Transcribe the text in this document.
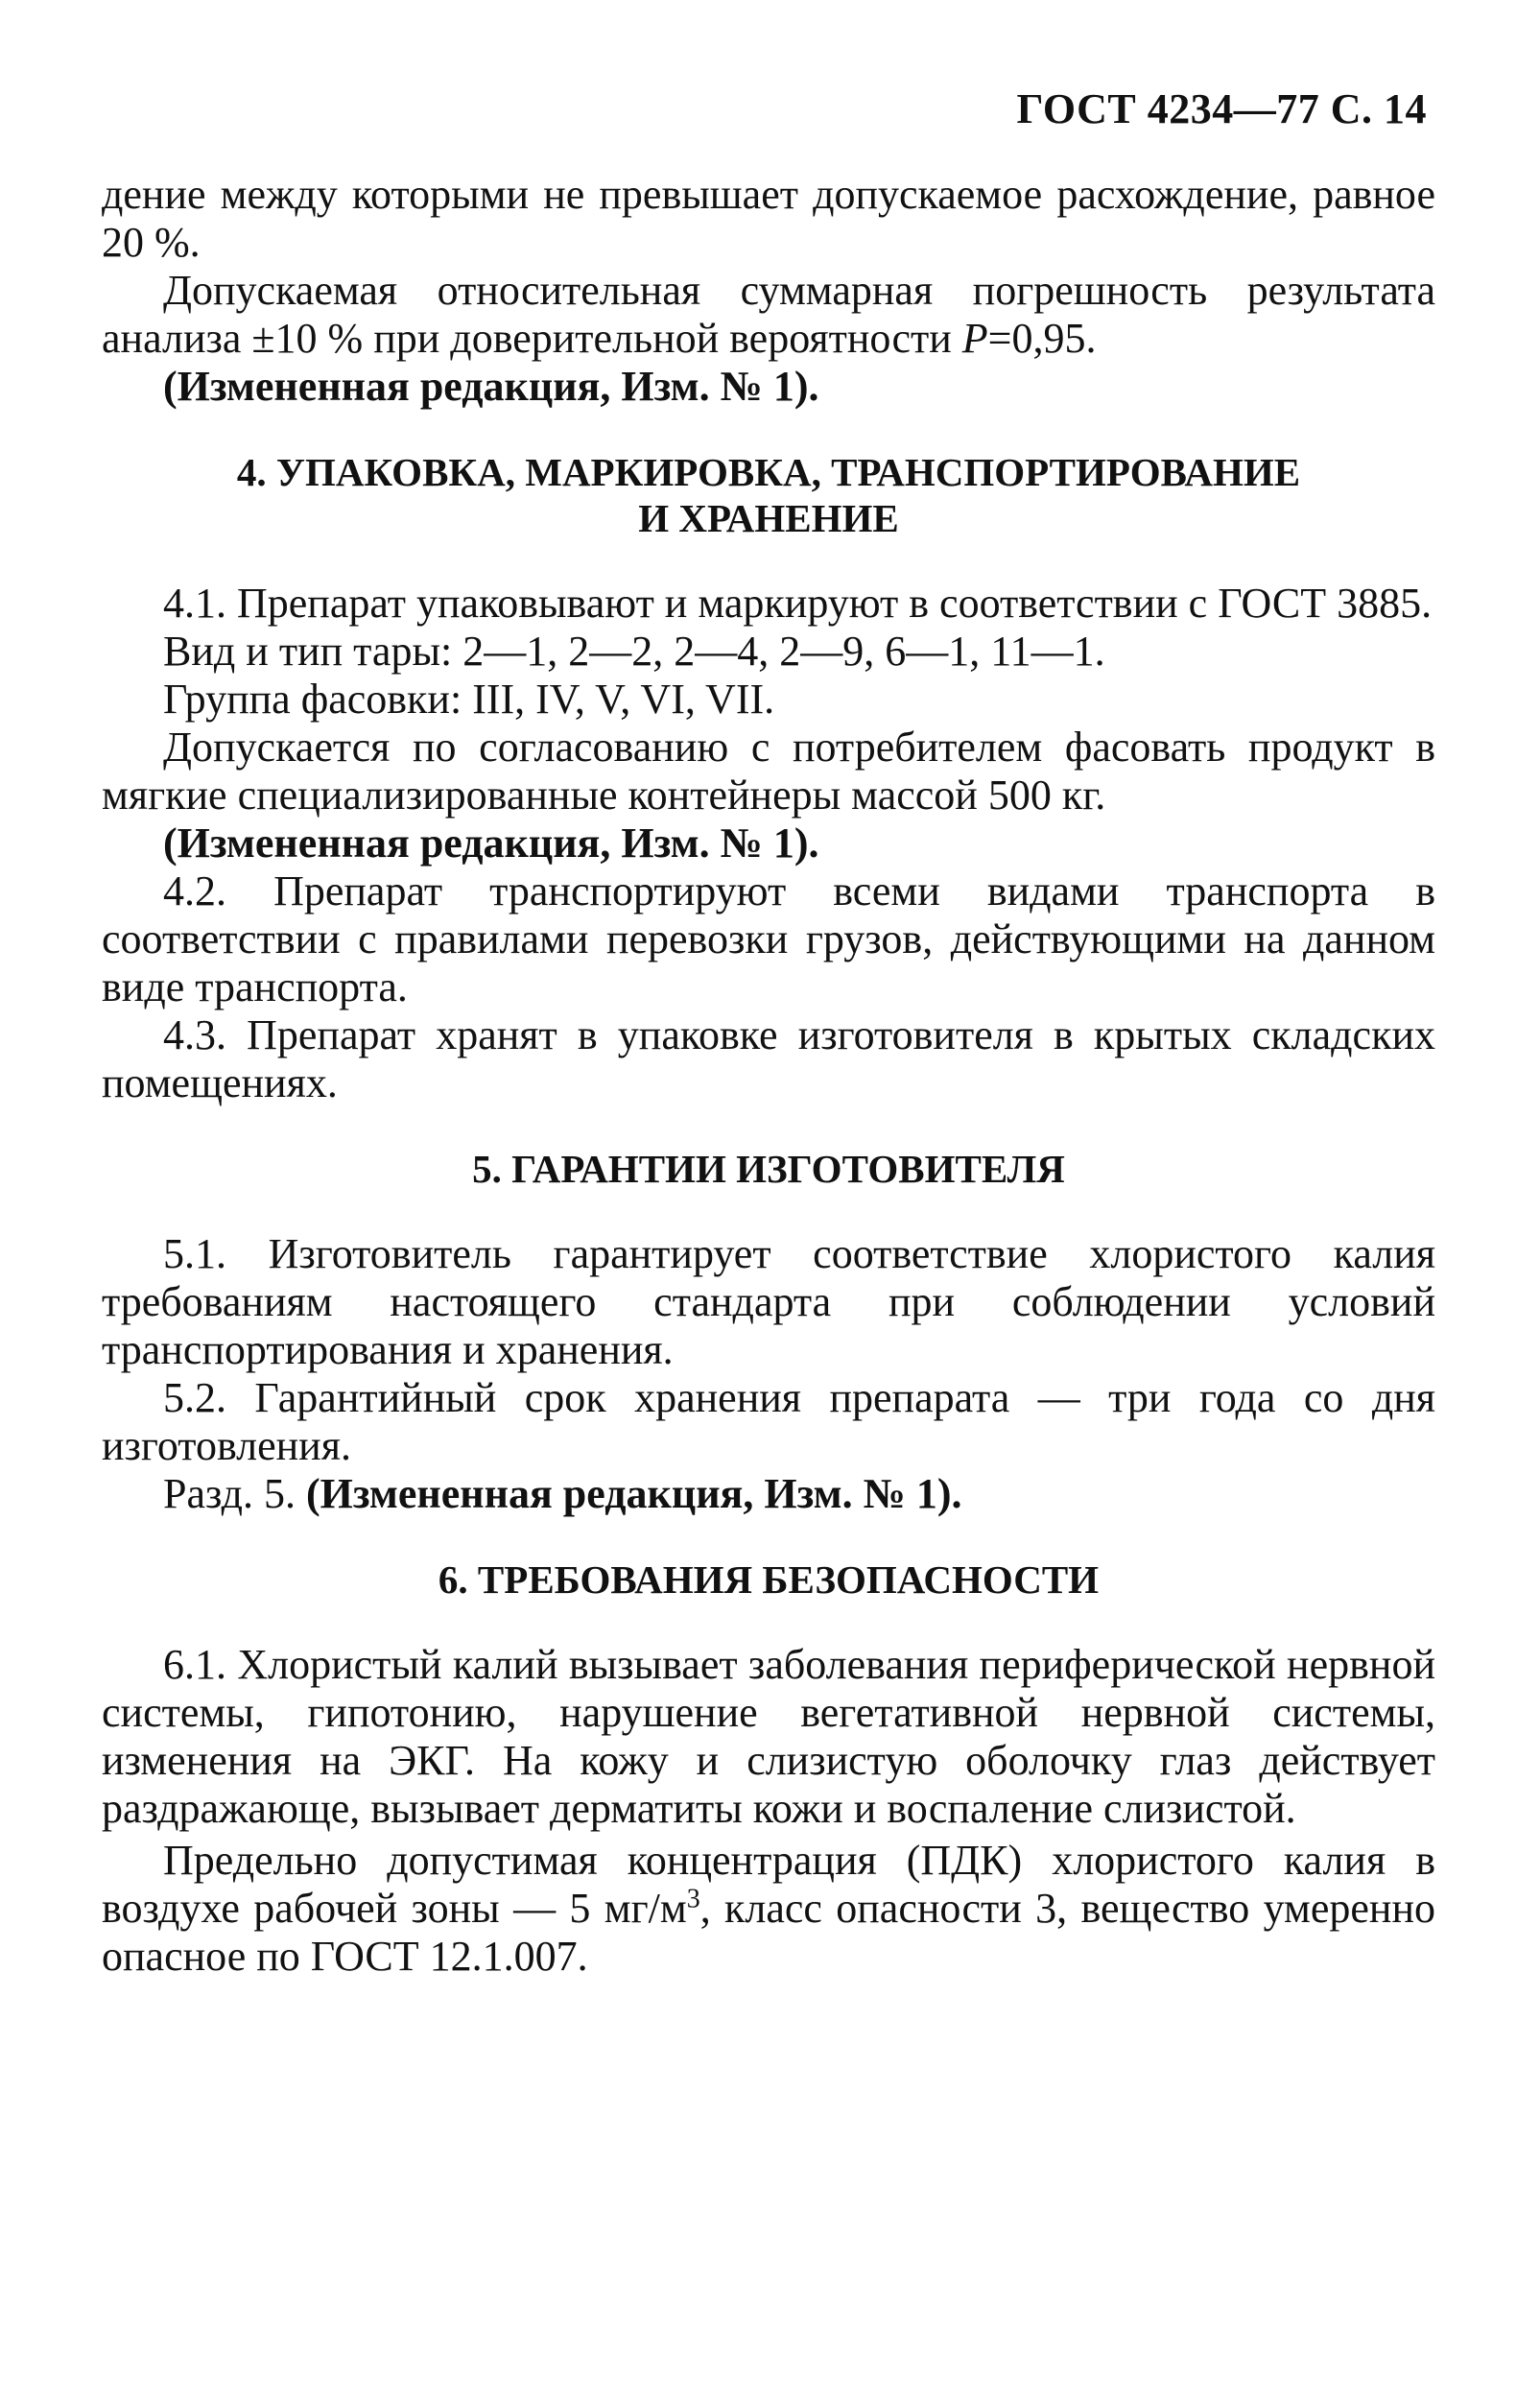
ГОСТ 4234—77 С. 14

дение между которыми не превышает допускаемое расхождение, равное 20 %.

Допускаемая относительная суммарная погрешность результата анализа ±10 % при доверительной вероятности P=0,95.

(Измененная редакция, Изм. № 1).

4. УПАКОВКА, МАРКИРОВКА, ТРАНСПОРТИРОВАНИЕ
И ХРАНЕНИЕ

4.1. Препарат упаковывают и маркируют в соответствии с ГОСТ 3885.

Вид и тип тары: 2—1, 2—2, 2—4, 2—9, 6—1, 11—1.

Группа фасовки: III, IV, V, VI, VII.

Допускается по согласованию с потребителем фасовать продукт в мягкие специализированные контейнеры массой 500 кг.

(Измененная редакция, Изм. № 1).

4.2. Препарат транспортируют всеми видами транспорта в соответствии с правилами перевозки грузов, действующими на данном виде транспорта.

4.3. Препарат хранят в упаковке изготовителя в крытых складских помещениях.

5. ГАРАНТИИ ИЗГОТОВИТЕЛЯ

5.1. Изготовитель гарантирует соответствие хлористого калия требованиям настоящего стандарта при соблюдении условий транспортирования и хранения.

5.2. Гарантийный срок хранения препарата — три года со дня изготовления.

Разд. 5. (Измененная редакция, Изм. № 1).

6. ТРЕБОВАНИЯ БЕЗОПАСНОСТИ

6.1. Хлористый калий вызывает заболевания периферической нервной системы, гипотонию, нарушение вегетативной нервной системы, изменения на ЭКГ. На кожу и слизистую оболочку глаз действует раздражающе, вызывает дерматиты кожи и воспаление слизистой.

Предельно допустимая концентрация (ПДК) хлористого калия в воздухе рабочей зоны — 5 $мг/м^3$, класс опасности 3, вещество умеренно опасное по ГОСТ 12.1.007.
